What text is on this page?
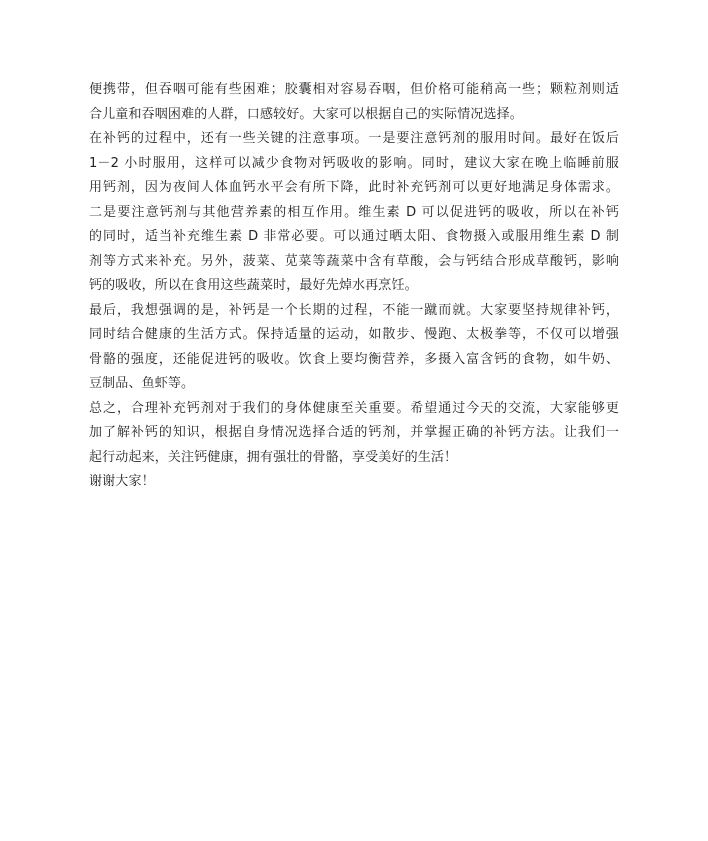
便携带，但吞咽可能有些困难；胶囊相对容易吞咽，但价格可能稍高一些；颗粒剂则适
合儿童和吞咽困难的人群，口感较好。大家可以根据自己的实际情况选择。
在补钙的过程中，还有一些关键的注意事项。一是要注意钙剂的服用时间。最好在饭后
1－2 小时服用，这样可以减少食物对钙吸收的影响。同时，建议大家在晚上临睡前服
用钙剂，因为夜间人体血钙水平会有所下降，此时补充钙剂可以更好地满足身体需求。
二是要注意钙剂与其他营养素的相互作用。维生素 D 可以促进钙的吸收，所以在补钙
的同时，适当补充维生素 D 非常必要。可以通过晒太阳、食物摄入或服用维生素 D 制
剂等方式来补充。另外，菠菜、苋菜等蔬菜中含有草酸，会与钙结合形成草酸钙，影响
钙的吸收，所以在食用这些蔬菜时，最好先焯水再烹饪。
最后，我想强调的是，补钙是一个长期的过程，不能一蹴而就。大家要坚持规律补钙，
同时结合健康的生活方式。保持适量的运动，如散步、慢跑、太极拳等，不仅可以增强
骨骼的强度，还能促进钙的吸收。饮食上要均衡营养，多摄入富含钙的食物，如牛奶、
豆制品、鱼虾等。
总之，合理补充钙剂对于我们的身体健康至关重要。希望通过今天的交流，大家能够更
加了解补钙的知识，根据自身情况选择合适的钙剂，并掌握正确的补钙方法。让我们一
起行动起来，关注钙健康，拥有强壮的骨骼，享受美好的生活！
谢谢大家！
